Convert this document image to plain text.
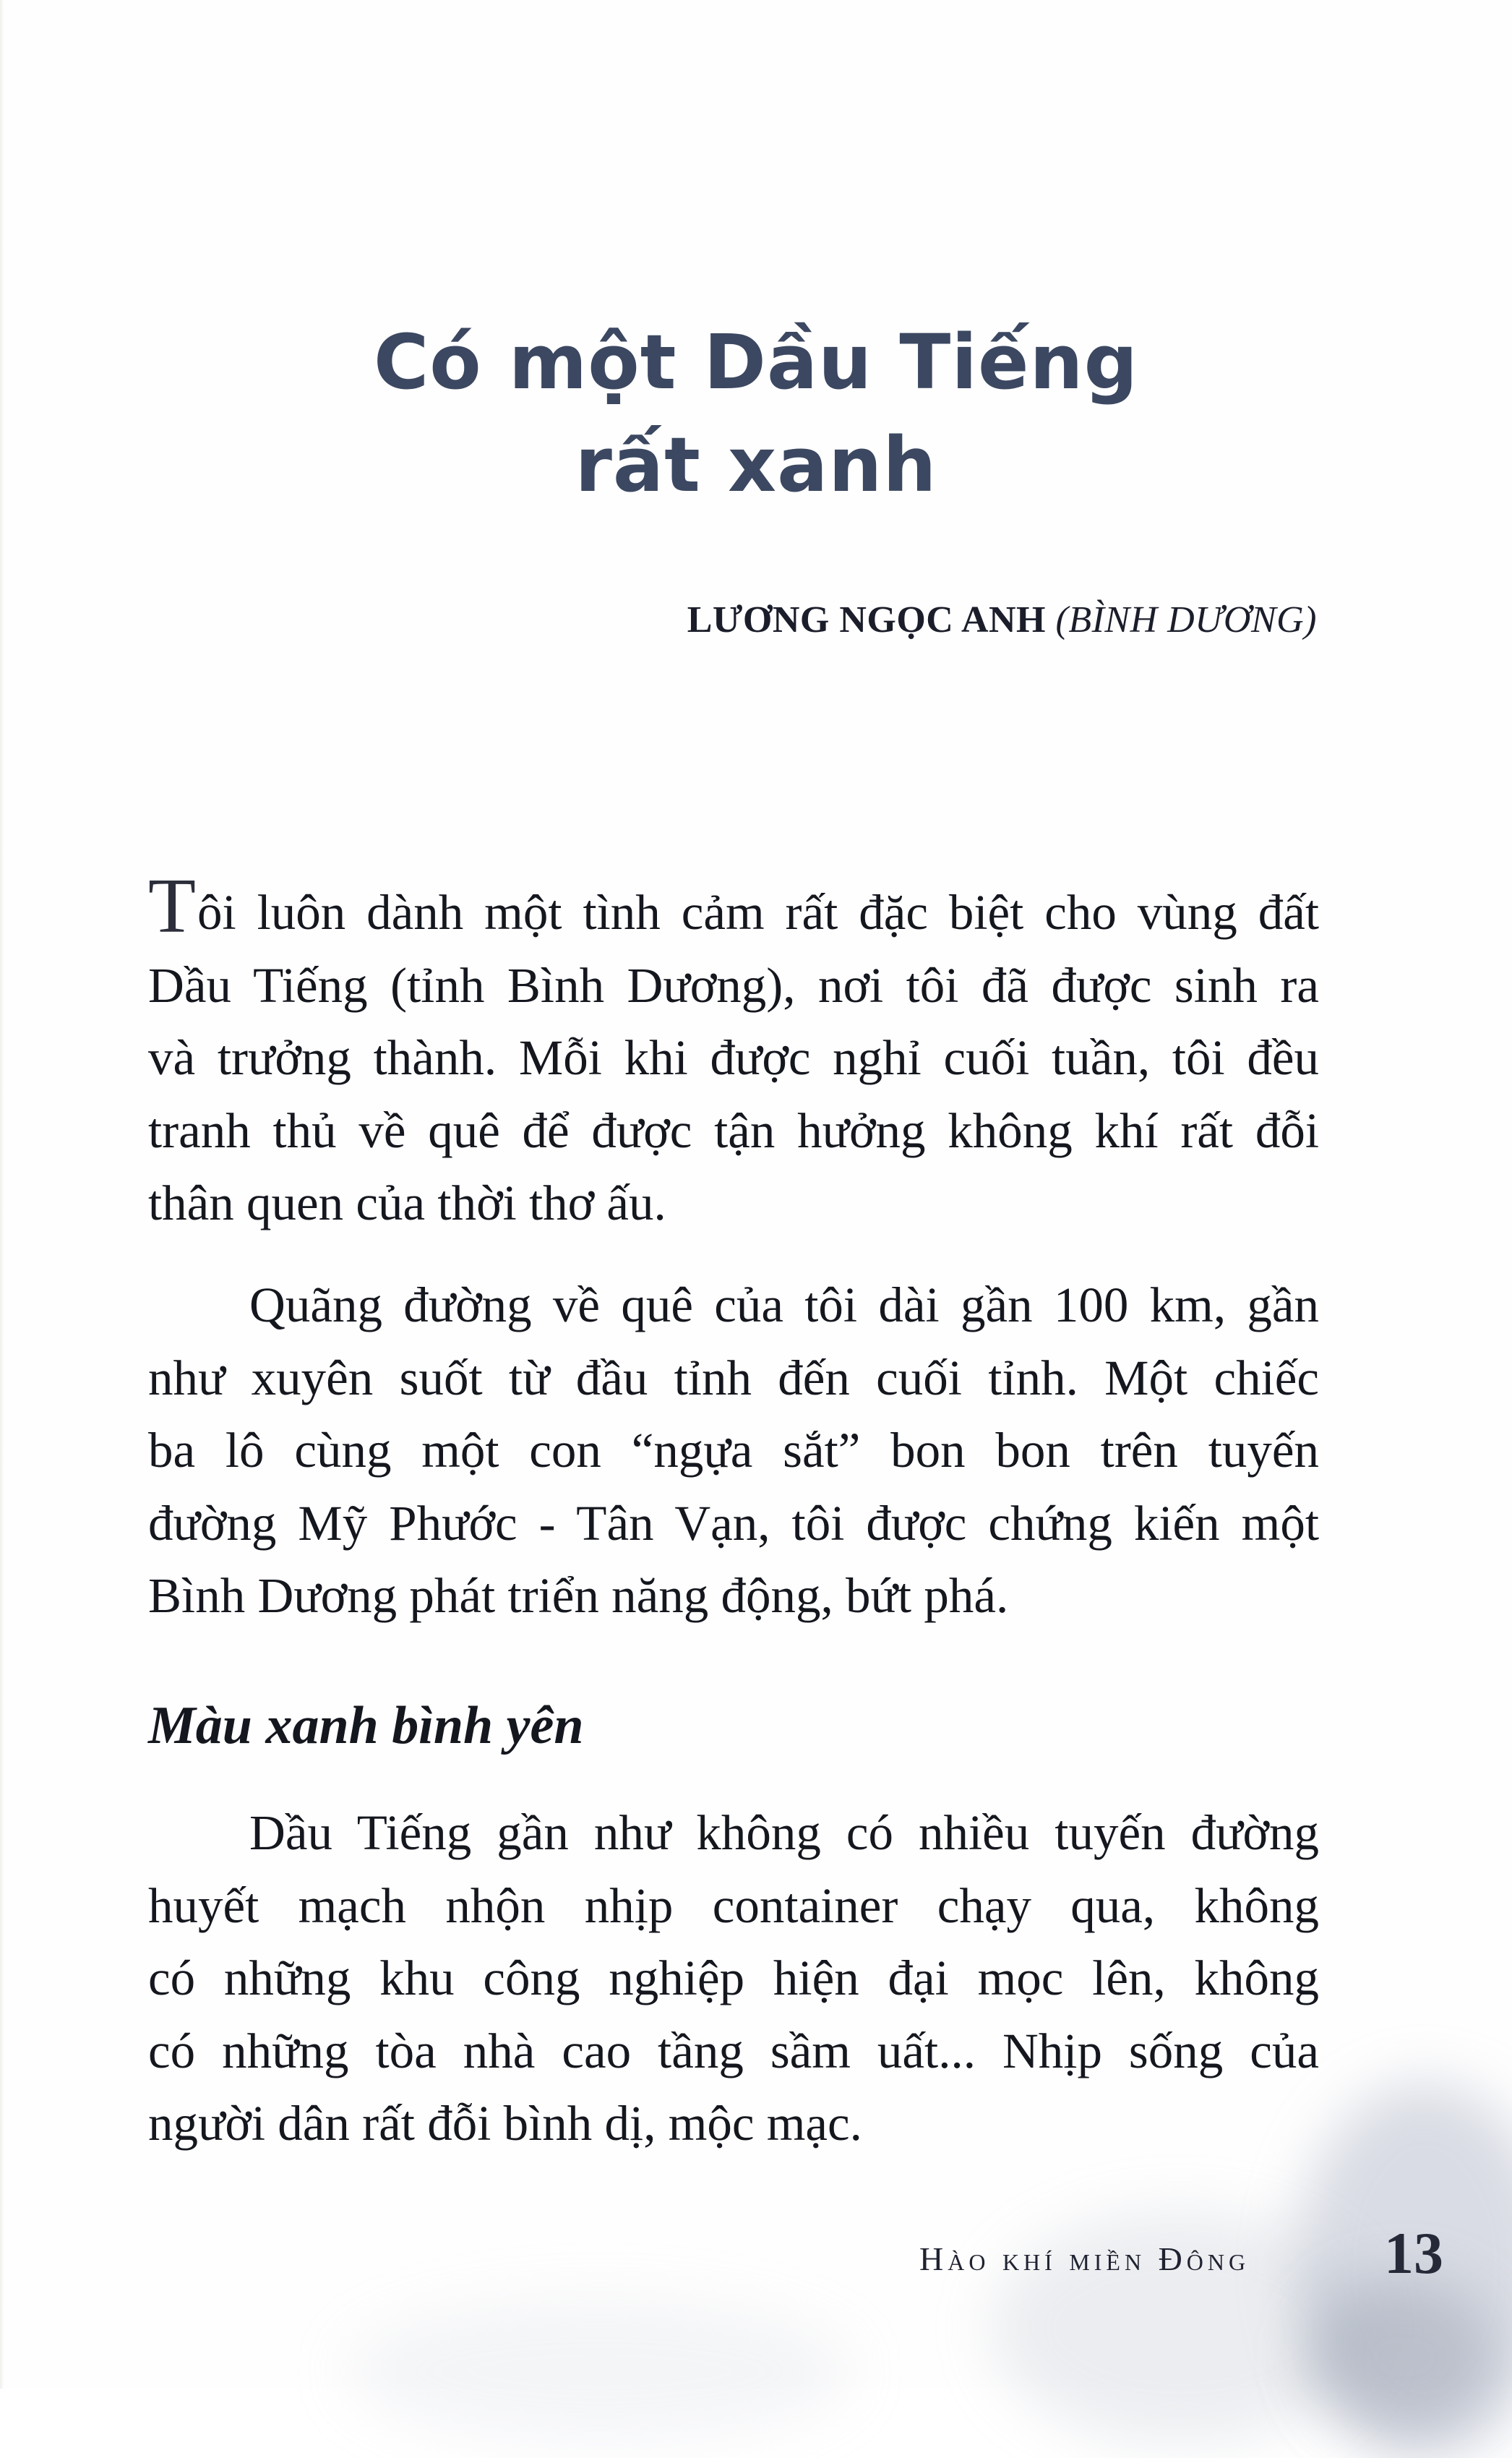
Có một Dầu Tiếng
rất xanh
LƯƠNG NGỌC ANH (BÌNH DƯƠNG)

Tôi luôn dành một tình cảm rất đặc biệt cho vùng đất
Dầu Tiếng (tỉnh Bình Dương), nơi tôi đã được sinh ra
và trưởng thành. Mỗi khi được nghỉ cuối tuần, tôi đều
tranh thủ về quê để được tận hưởng không khí rất đỗi
thân quen của thời thơ ấu.

Quãng đường về quê của tôi dài gần 100 km, gần
như xuyên suốt từ đầu tỉnh đến cuối tỉnh. Một chiếc
ba lô cùng một con “ngựa sắt” bon bon trên tuyến
đường Mỹ Phước - Tân Vạn, tôi được chứng kiến một
Bình Dương phát triển năng động, bứt phá.

Màu xanh bình yên

Dầu Tiếng gần như không có nhiều tuyến đường
huyết mạch nhộn nhịp container chạy qua, không
có những khu công nghiệp hiện đại mọc lên, không
có những tòa nhà cao tầng sầm uất... Nhịp sống của
người dân rất đỗi bình dị, mộc mạc.

Hào khí miền Đông 13
